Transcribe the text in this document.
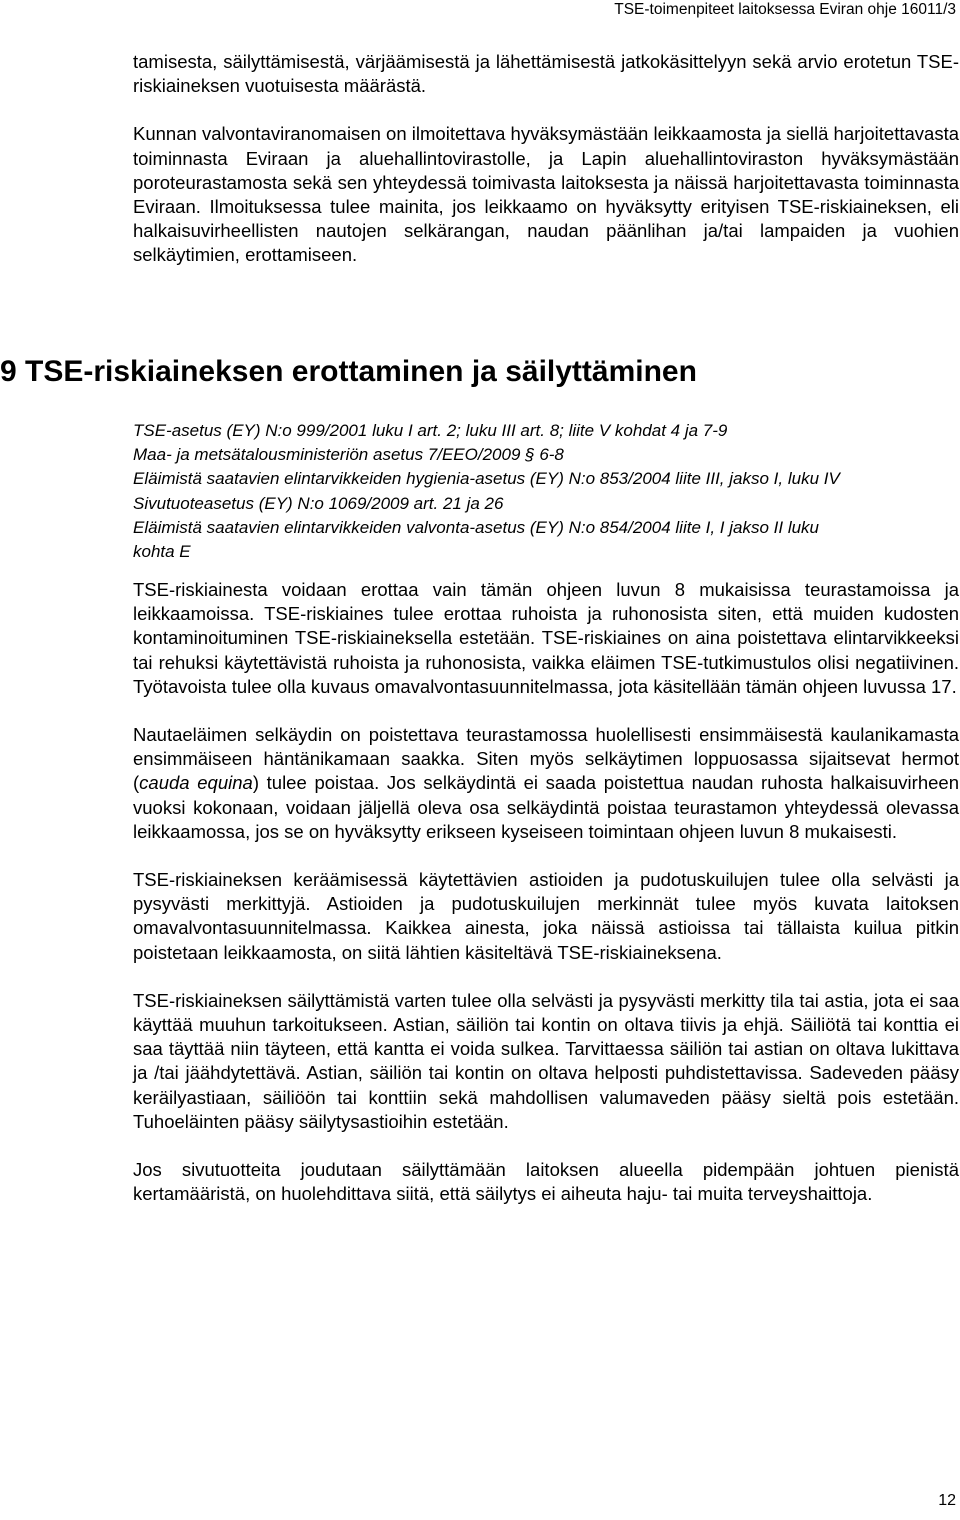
TSE-toimenpiteet laitoksessa Eviran ohje 16011/3

tamisesta, säilyttämisestä, värjäämisestä ja lähettämisestä jatkokäsittelyyn sekä arvio erotetun TSE-riskiaineksen vuotuisesta määrästä.

Kunnan valvontaviranomaisen on ilmoitettava hyväksymästään leikkaamosta ja siellä harjoitettavasta toiminnasta Eviraan ja aluehallintovirastolle, ja Lapin aluehallintoviraston hyväksymästään poroteurastamosta sekä sen yhteydessä toimivasta laitoksesta ja näissä harjoitettavasta toiminnasta Eviraan. Ilmoituksessa tulee mainita, jos leikkaamo on hyväksytty erityisen TSE-riskiaineksen, eli halkaisuvirheellisten nautojen selkärangan, naudan päänlihan ja/tai lampaiden ja vuohien selkäytimien, erottamiseen.

9 TSE-riskiaineksen erottaminen ja säilyttäminen
TSE-asetus (EY) N:o 999/2001 luku I art. 2; luku III art. 8; liite V kohdat 4 ja 7-9
Maa- ja metsätalousministeriön asetus 7/EEO/2009 § 6-8
Eläimistä saatavien elintarvikkeiden hygienia-asetus (EY) N:o 853/2004 liite III, jakso I, luku IV
Sivutuoteasetus (EY) N:o 1069/2009 art. 21 ja 26
Eläimistä saatavien elintarvikkeiden valvonta-asetus (EY) N:o 854/2004 liite I, I jakso II luku
kohta E

TSE-riskiainesta voidaan erottaa vain tämän ohjeen luvun 8 mukaisissa teurastamoissa ja leikkaamoissa. TSE-riskiaines tulee erottaa ruhoista ja ruhonosista siten, että muiden kudosten kontaminoituminen TSE-riskiaineksella estetään. TSE-riskiaines on aina poistettava elintarvikkeeksi tai rehuksi käytettävistä ruhoista ja ruhonosista, vaikka eläimen TSE-tutkimustulos olisi negatiivinen. Työtavoista tulee olla kuvaus omavalvontasuunnitelmassa, jota käsitellään tämän ohjeen luvussa 17.

Nautaeläimen selkäydin on poistettava teurastamossa huolellisesti ensimmäisestä kaulanikamasta ensimmäiseen häntänikamaan saakka. Siten myös selkäytimen loppuosassa sijaitsevat hermot (cauda equina) tulee poistaa. Jos selkäydintä ei saada poistettua naudan ruhosta halkaisuvirheen vuoksi kokonaan, voidaan jäljellä oleva osa selkäydintä poistaa teurastamon yhteydessä olevassa leikkaamossa, jos se on hyväksytty erikseen kyseiseen toimintaan ohjeen luvun 8 mukaisesti.

TSE-riskiaineksen keräämisessä käytettävien astioiden ja pudotuskuilujen tulee olla selvästi ja pysyvästi merkittyjä. Astioiden ja pudotuskuilujen merkinnät tulee myös kuvata laitoksen omavalvontasuunnitelmassa. Kaikkea ainesta, joka näissä astioissa tai tällaista kuilua pitkin poistetaan leikkaamosta, on siitä lähtien käsiteltävä TSE-riskiaineksena.

TSE-riskiaineksen säilyttämistä varten tulee olla selvästi ja pysyvästi merkitty tila tai astia, jota ei saa käyttää muuhun tarkoitukseen. Astian, säiliön tai kontin on oltava tiivis ja ehjä. Säiliötä tai konttia ei saa täyttää niin täyteen, että kantta ei voida sulkea. Tarvittaessa säiliön tai astian on oltava lukittava ja /tai jäähdytettävä. Astian, säiliön tai kontin on oltava helposti puhdistettavissa. Sadeveden pääsy keräilyastiaan, säiliöön tai konttiin sekä mahdollisen valumaveden pääsy sieltä pois estetään. Tuhoeläinten pääsy säilytysastioihin estetään.

Jos sivutuotteita joudutaan säilyttämään laitoksen alueella pidempään johtuen pienistä kertamääristä, on huolehdittava siitä, että säilytys ei aiheuta haju- tai muita terveyshaittoja.

12
